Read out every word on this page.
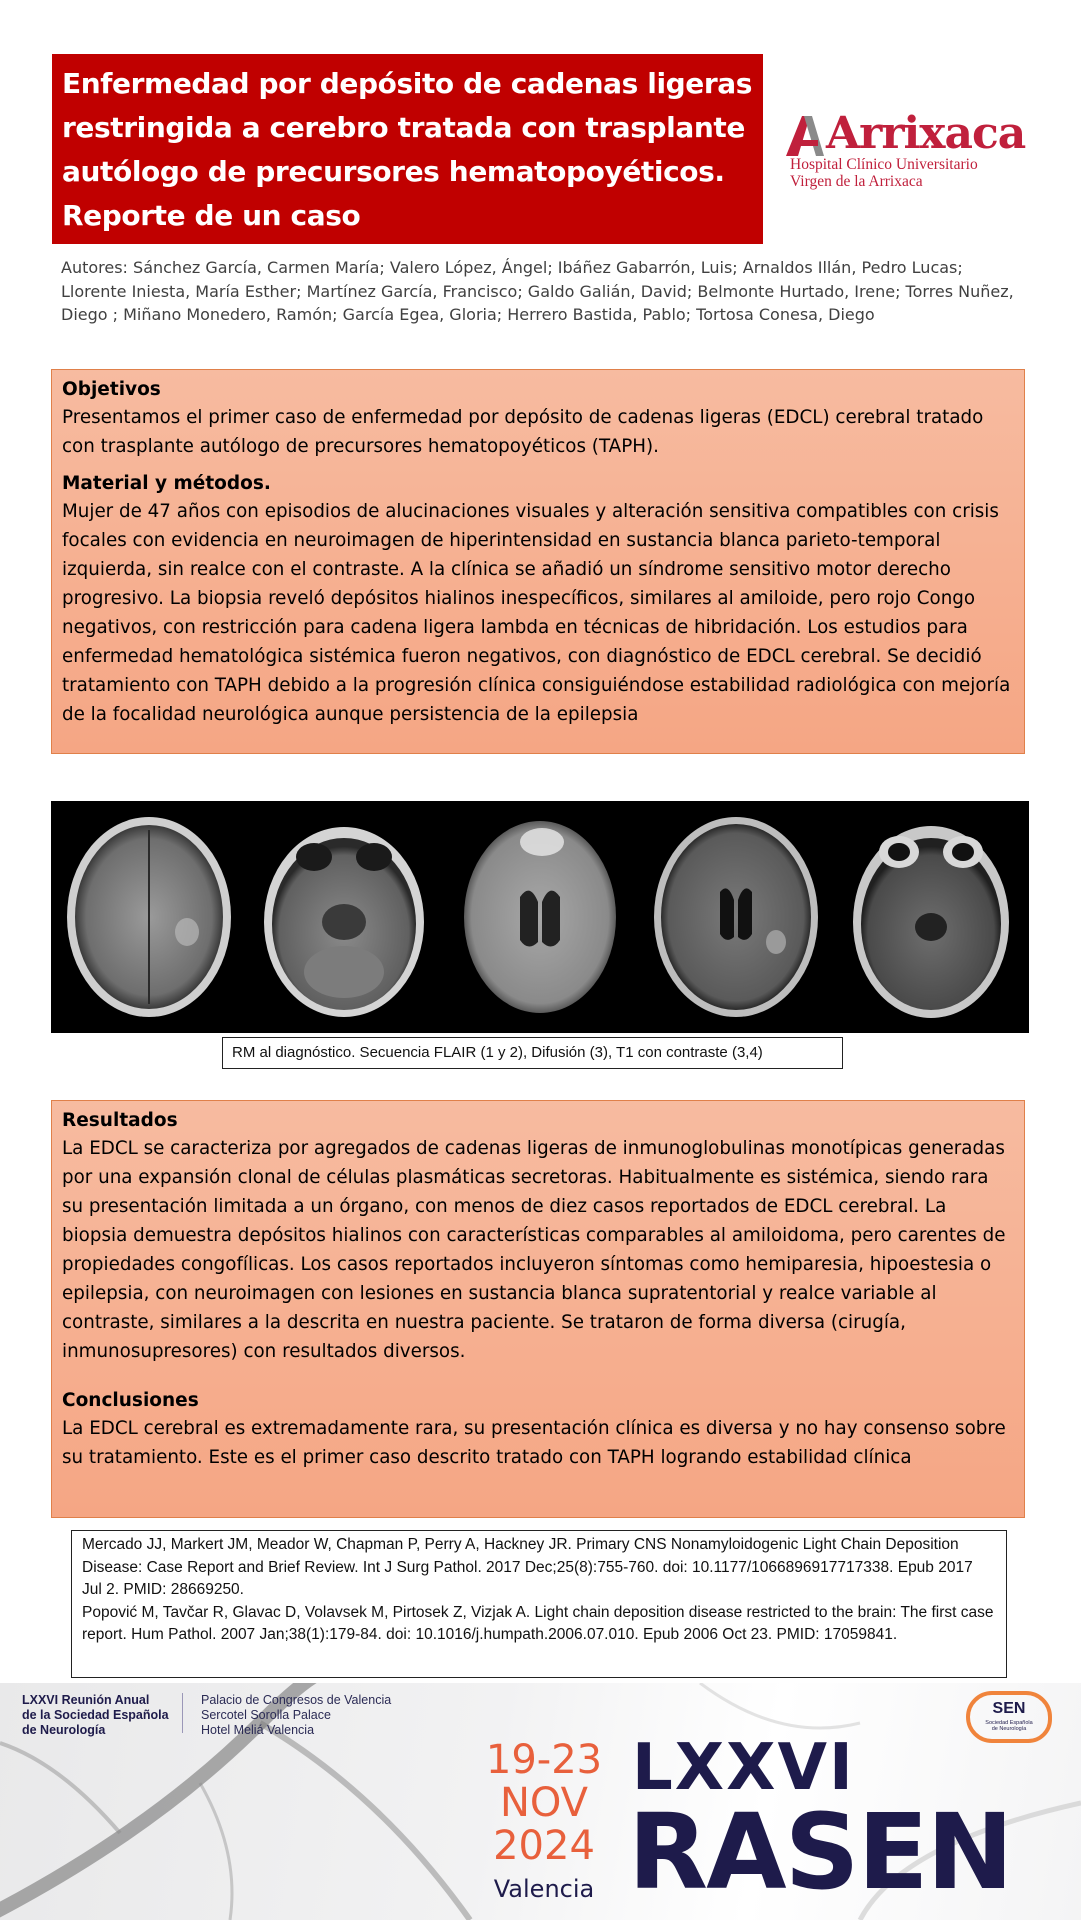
Enfermedad por depósito de cadenas ligeras restringida a cerebro tratada con trasplante autólogo de precursores hematopoyéticos. Reporte de un caso
Arrixaca
Hospital Clínico Universitario
Virgen de la Arrixaca
Autores: Sánchez García, Carmen María; Valero López, Ángel; Ibáñez Gabarrón, Luis; Arnaldos Illán, Pedro Lucas; Llorente Iniesta, María Esther; Martínez García, Francisco; Galdo Galián, David; Belmonte Hurtado, Irene; Torres Nuñez, Diego ; Miñano Monedero, Ramón; García Egea, Gloria; Herrero Bastida, Pablo; Tortosa Conesa, Diego
Objetivos

Presentamos el primer caso de enfermedad por depósito de cadenas ligeras (EDCL) cerebral tratado con trasplante autólogo de precursores hematopoyéticos (TAPH).

Material y métodos.

Mujer de 47 años con episodios de alucinaciones visuales y alteración sensitiva compatibles con crisis focales con evidencia en neuroimagen de hiperintensidad en sustancia blanca parieto-temporal izquierda, sin realce con el contraste. A la clínica se añadió un síndrome sensitivo motor derecho progresivo. La biopsia reveló depósitos hialinos inespecíficos, similares al amiloide, pero rojo Congo negativos, con restricción para cadena ligera lambda en técnicas de hibridación. Los estudios para enfermedad hematológica sistémica fueron negativos, con diagnóstico de EDCL cerebral. Se decidió tratamiento con TAPH debido a la progresión clínica consiguiéndose estabilidad radiológica con mejoría de la focalidad neurológica aunque persistencia de la epilepsia

RM al diagnóstico. Secuencia FLAIR (1 y 2), Difusión (3), T1 con contraste (3,4)
Resultados

La EDCL se caracteriza por agregados de cadenas ligeras de inmunoglobulinas monotípicas generadas por una expansión clonal de células plasmáticas secretoras. Habitualmente es sistémica, siendo rara su presentación limitada a un órgano, con menos de diez casos reportados de EDCL cerebral. La biopsia demuestra depósitos hialinos con características comparables al amiloidoma, pero carentes de propiedades congofílicas. Los casos reportados incluyeron síntomas como hemiparesia, hipoestesia o epilepsia, con neuroimagen con lesiones en sustancia blanca supratentorial y realce variable al contraste, similares a la descrita en nuestra paciente. Se trataron de forma diversa (cirugía, inmunosupresores) con resultados diversos.

Conclusiones

La EDCL cerebral es extremadamente rara, su presentación clínica es diversa y no hay consenso sobre su tratamiento. Este es el primer caso descrito tratado con TAPH logrando estabilidad clínica

Mercado JJ, Markert JM, Meador W, Chapman P, Perry A, Hackney JR. Primary CNS Nonamyloidogenic Light Chain Deposition Disease: Case Report and Brief Review. Int J Surg Pathol. 2017 Dec;25(8):755-760. doi: 10.1177/1066896917717338. Epub 2017 Jul 2. PMID: 28669250.

Popović M, Tavčar R, Glavac D, Volavsek M, Pirtosek Z, Vizjak A. Light chain deposition disease restricted to the brain: The first case report. Hum Pathol. 2007 Jan;38(1):179-84. doi: 10.1016/j.humpath.2006.07.010. Epub 2006 Oct 23. PMID: 17059841.

LXXVI Reunión Anual
de la Sociedad Española
de Neurología
Palacio de Congresos de Valencia
Sercotel Sorolla Palace
Hotel Meliá Valencia
19-23
NOV
2024
Valencia
LXXVI
RASEN
SEN
Sociedad Española
de Neurología
